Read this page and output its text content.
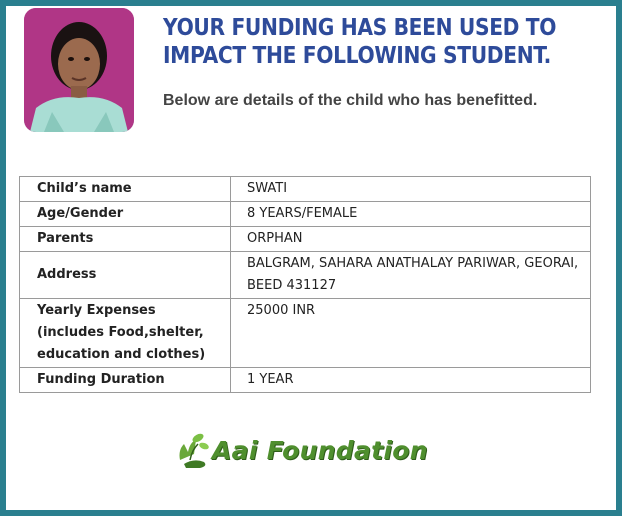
YOUR FUNDING HAS BEEN USED TO IMPACT THE FOLLOWING STUDENT.
Below are details of the child who has benefitted.
Child’s name	SWATI
Age/Gender	8 YEARS/FEMALE
Parents	ORPHAN
Address	BALGRAM, SAHARA ANATHALAY PARIWAR, GEORAI, BEED 431127
Yearly Expenses (includes Food,shelter, education and clothes)	25000 INR
Funding Duration	1 YEAR
Aai Foundation
